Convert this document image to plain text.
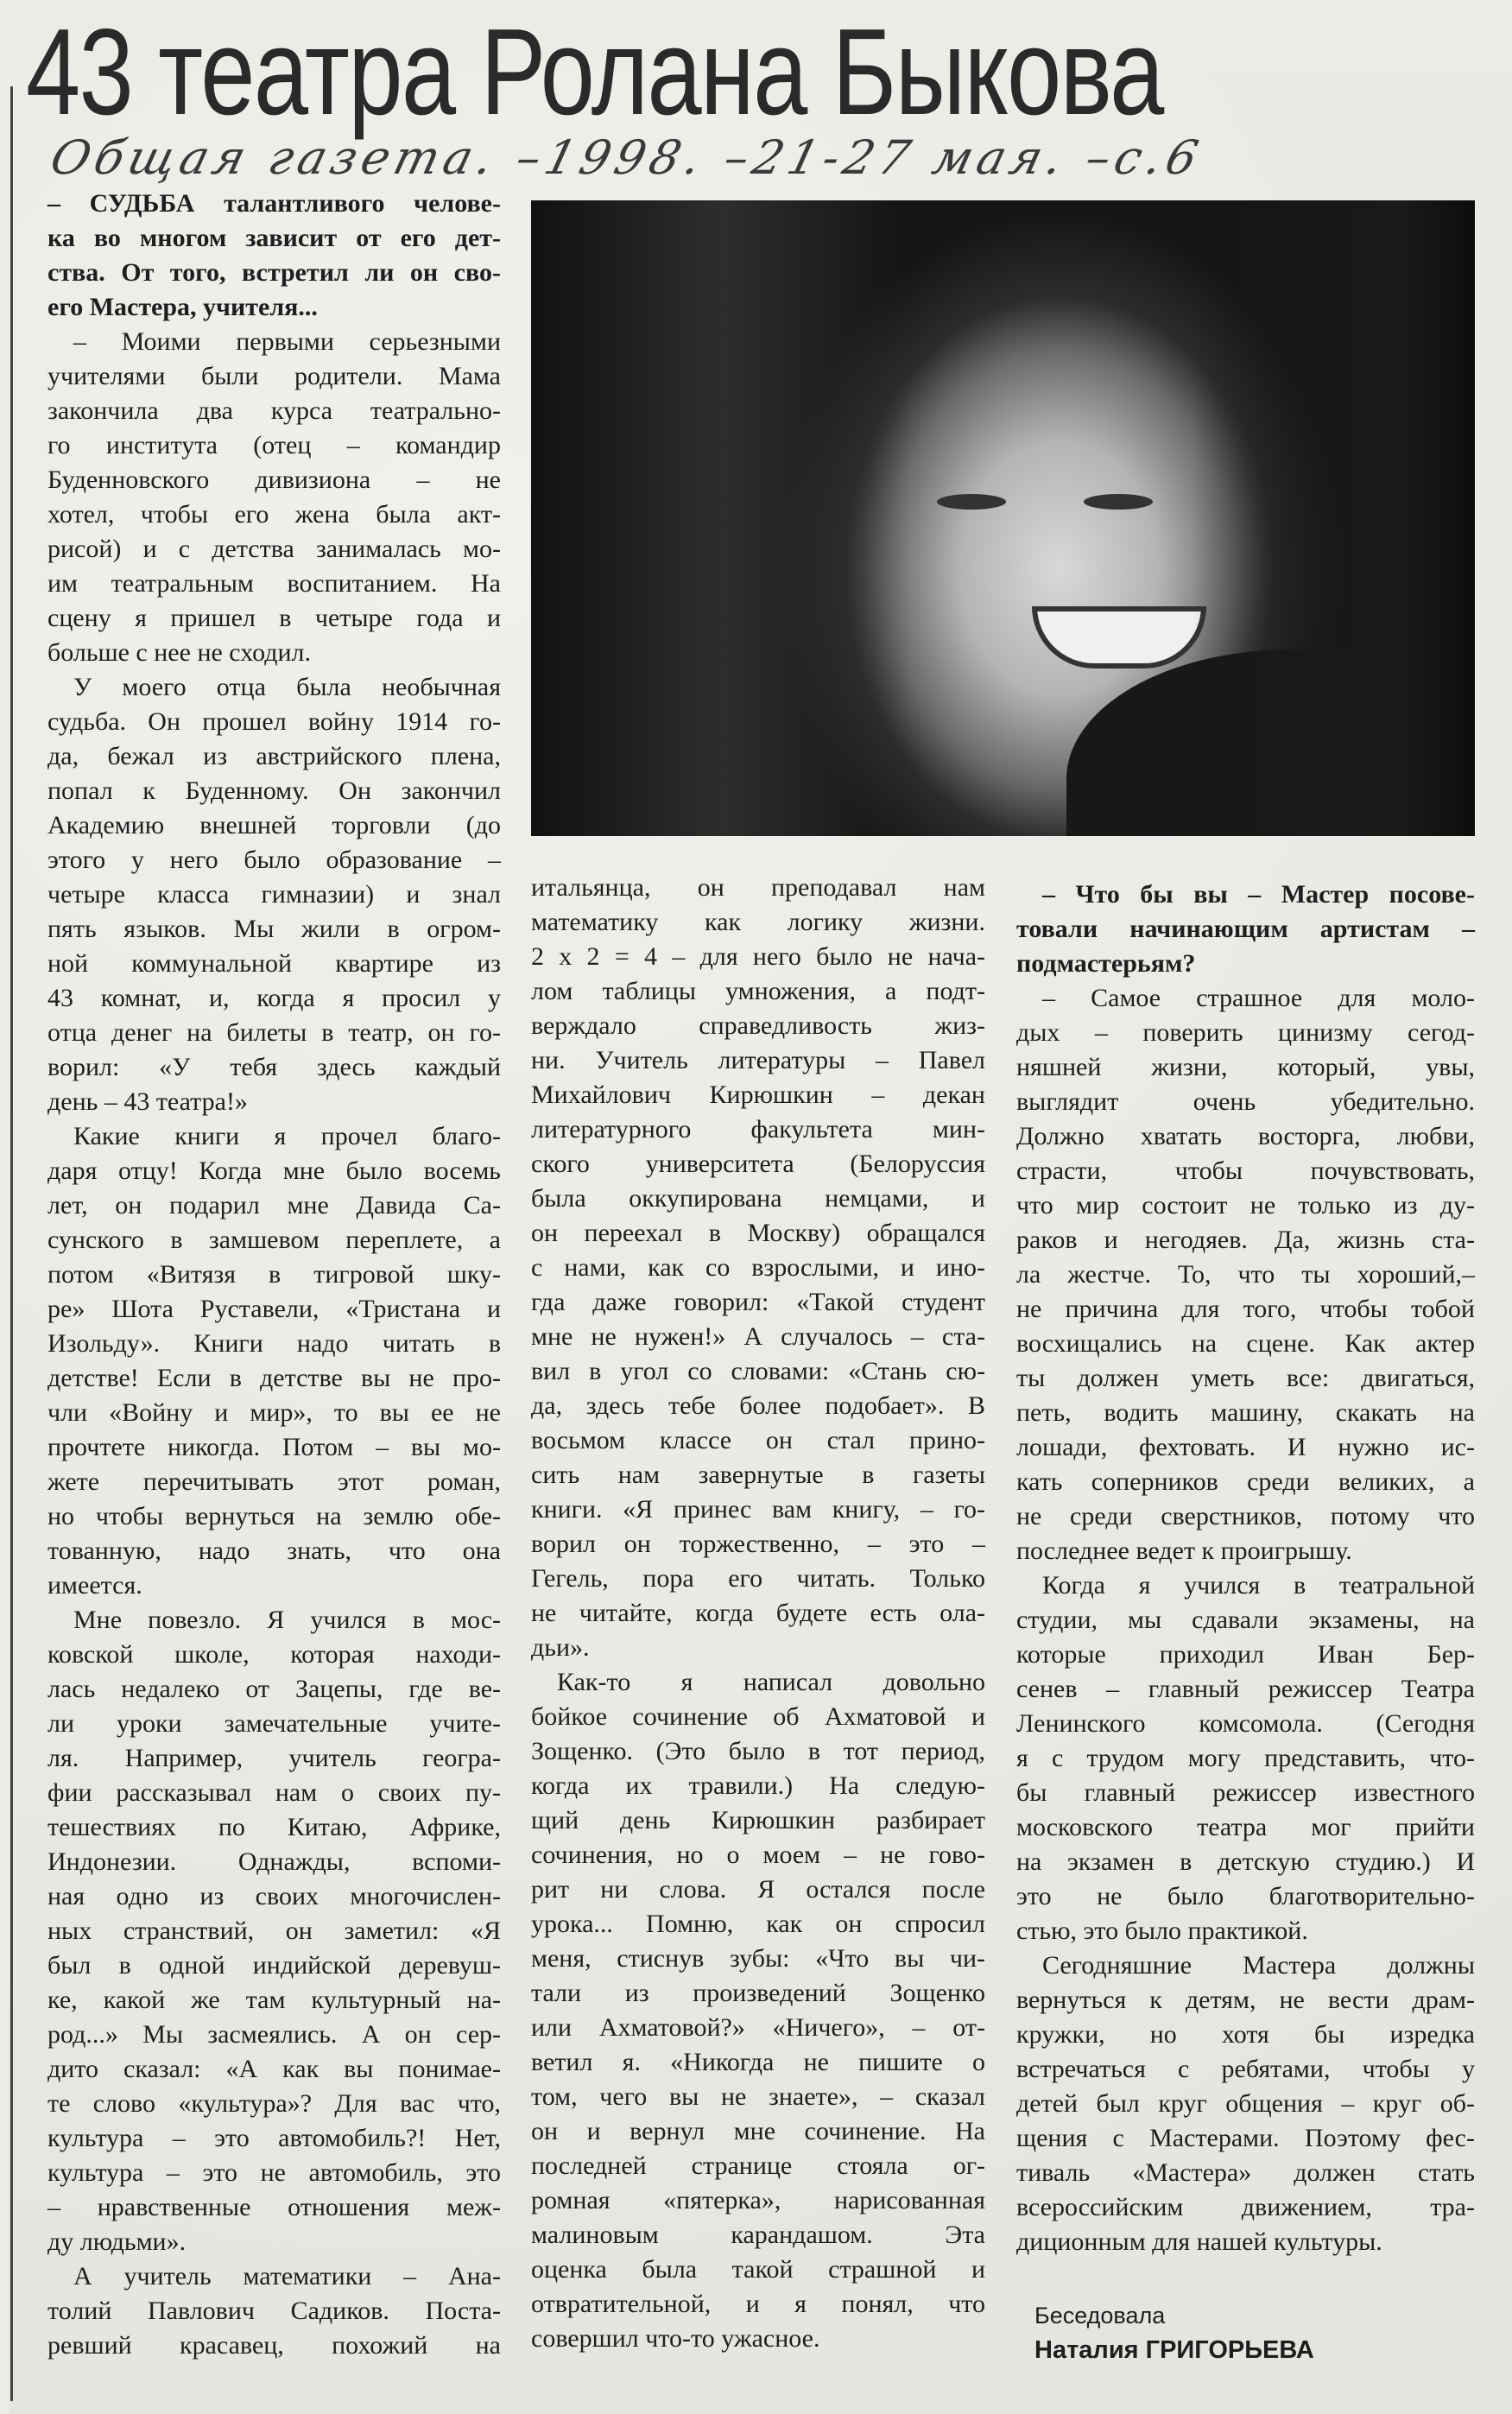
43 театра Ролана Быкова
Общая газета. –1998. –21-27 мая. –с.6
– СУДЬБА талантливого челове-
ка во многом зависит от его дет-
ства. От того, встретил ли он сво-
его Мастера, учителя...
– Моими первыми серьезными
учителями были родители. Мама
закончила два курса театрально-
го института (отец – командир
Буденновского дивизиона – не
хотел, чтобы его жена была акт-
рисой) и с детства занималась мо-
им театральным воспитанием. На
сцену я пришел в четыре года и
больше с нее не сходил.
У моего отца была необычная
судьба. Он прошел войну 1914 го-
да, бежал из австрийского плена,
попал к Буденному. Он закончил
Академию внешней торговли (до
этого у него было образование –
четыре класса гимназии) и знал
пять языков. Мы жили в огром-
ной коммунальной квартире из
43 комнат, и, когда я просил у
отца денег на билеты в театр, он го-
ворил: «У тебя здесь каждый
день – 43 театра!»
Какие книги я прочел благо-
даря отцу! Когда мне было восемь
лет, он подарил мне Давида Са-
сунского в замшевом переплете, а
потом «Витязя в тигровой шку-
ре» Шота Руставели, «Тристана и
Изольду». Книги надо читать в
детстве! Если в детстве вы не про-
чли «Войну и мир», то вы ее не
прочтете никогда. Потом – вы мо-
жете перечитывать этот роман,
но чтобы вернуться на землю обе-
тованную, надо знать, что она
имеется.
Мне повезло. Я учился в мос-
ковской школе, которая находи-
лась недалеко от Зацепы, где ве-
ли уроки замечательные учите-
ля. Например, учитель геогра-
фии рассказывал нам о своих пу-
тешествиях по Китаю, Африке,
Индонезии. Однажды, вспоми-
ная одно из своих многочислен-
ных странствий, он заметил: «Я
был в одной индийской деревуш-
ке, какой же там культурный на-
род...» Мы засмеялись. А он сер-
дито сказал: «А как вы понимае-
те слово «культура»? Для вас что,
культура – это автомобиль?! Нет,
культура – это не автомобиль, это
– нравственные отношения меж-
ду людьми».
А учитель математики – Ана-
толий Павлович Садиков. Поста-
ревший красавец, похожий на
итальянца, он преподавал нам
математику как логику жизни.
2 х 2 = 4 – для него было не нача-
лом таблицы умножения, а подт-
верждало справедливость жиз-
ни. Учитель литературы – Павел
Михайлович Кирюшкин – декан
литературного факультета мин-
ского университета (Белоруссия
была оккупирована немцами, и
он переехал в Москву) обращался
с нами, как со взрослыми, и ино-
гда даже говорил: «Такой студент
мне не нужен!» А случалось – ста-
вил в угол со словами: «Стань сю-
да, здесь тебе более подобает». В
восьмом классе он стал прино-
сить нам завернутые в газеты
книги. «Я принес вам книгу, – го-
ворил он торжественно, – это –
Гегель, пора его читать. Только
не читайте, когда будете есть ола-
дьи».
Как-то я написал довольно
бойкое сочинение об Ахматовой и
Зощенко. (Это было в тот период,
когда их травили.) На следую-
щий день Кирюшкин разбирает
сочинения, но о моем – не гово-
рит ни слова. Я остался после
урока... Помню, как он спросил
меня, стиснув зубы: «Что вы чи-
тали из произведений Зощенко
или Ахматовой?» «Ничего», – от-
ветил я. «Никогда не пишите о
том, чего вы не знаете», – сказал
он и вернул мне сочинение. На
последней странице стояла ог-
ромная «пятерка», нарисованная
малиновым карандашом. Эта
оценка была такой страшной и
отвратительной, и я понял, что
совершил что-то ужасное.
– Что бы вы – Мастер посове-
товали начинающим артистам –
подмастерьям?
– Самое страшное для моло-
дых – поверить цинизму сегод-
няшней жизни, который, увы,
выглядит очень убедительно.
Должно хватать восторга, любви,
страсти, чтобы почувствовать,
что мир состоит не только из ду-
раков и негодяев. Да, жизнь ста-
ла жестче. То, что ты хороший,–
не причина для того, чтобы тобой
восхищались на сцене. Как актер
ты должен уметь все: двигаться,
петь, водить машину, скакать на
лошади, фехтовать. И нужно ис-
кать соперников среди великих, а
не среди сверстников, потому что
последнее ведет к проигрышу.
Когда я учился в театральной
студии, мы сдавали экзамены, на
которые приходил Иван Бер-
сенев – главный режиссер Театра
Ленинского комсомола. (Сегодня
я с трудом могу представить, что-
бы главный режиссер известного
московского театра мог прийти
на экзамен в детскую студию.) И
это не было благотворительно-
стью, это было практикой.
Сегодняшние Мастера должны
вернуться к детям, не вести драм-
кружки, но хотя бы изредка
встречаться с ребятами, чтобы у
детей был круг общения – круг об-
щения с Мастерами. Поэтому фес-
тиваль «Мастера» должен стать
всероссийским движением, тра-
диционным для нашей культуры.
Беседовала
Наталия ГРИГОРЬЕВА
